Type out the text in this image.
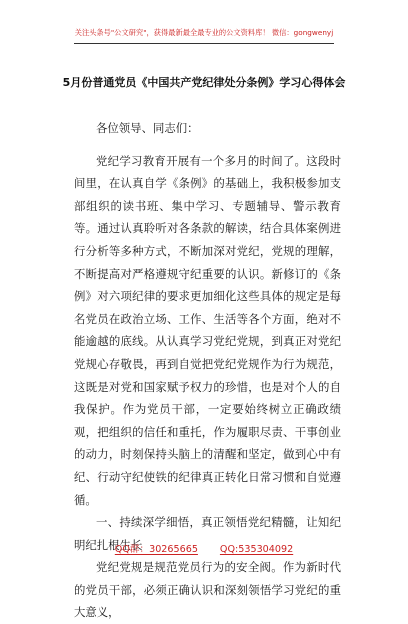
关注头条号"公文研究"，获得最新最全最专业的公文资料库！ 微信：gongwenyj
5月份普通党员《中国共产党纪律处分条例》学习心得体会

各位领导、同志们：

党纪学习教育开展有一个多月的时间了。这段时间里，在认真自学《条例》的基础上，我积极参加支部组织的读书班、集中学习、专题辅导、警示教育等。通过认真聆听对各条款的解读，结合具体案例进行分析等多种方式，不断加深对党纪，党规的理解，不断提高对严格遵规守纪重要的认识。新修订的《条例》对六项纪律的要求更加细化这些具体的规定是每名党员在政治立场、工作、生活等各个方面，绝对不能逾越的底线。从认真学习党纪党规，到真正对党纪党规心存敬畏，再到自觉把党纪党规作为行为规范，这既是对党和国家赋予权力的珍惜，也是对个人的自我保护。作为党员干部，一定要始终树立正确政绩观，把组织的信任和重托，作为履职尽责、干事创业的动力，时刻保持头脑上的清醒和坚定，做到心中有纪、行动守纪使铁的纪律真正转化日常习惯和自觉遵循。

一、持续深学细悟，真正领悟党纪精髓，让知纪明纪扎根生长

党纪党规是规范党员行为的安全阀。作为新时代的党员干部，必须正确认识和深刻领悟学习党纪的重大意义，

QQ群：30265665 QQ:535304092
